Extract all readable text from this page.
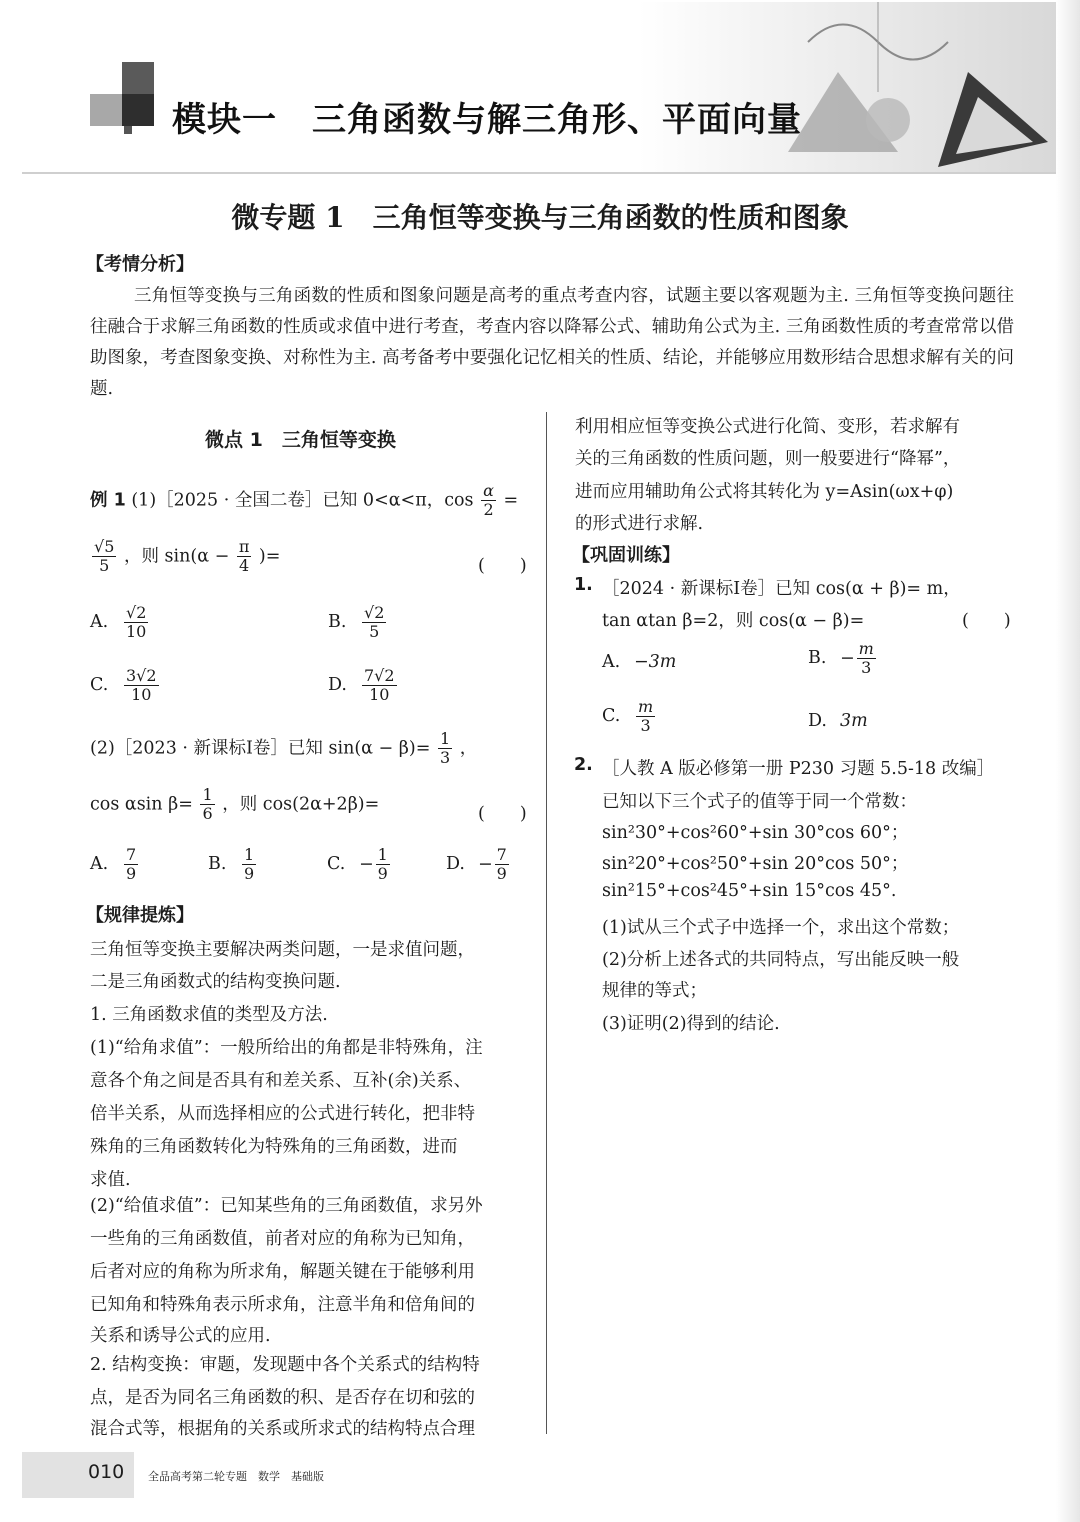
模块一　三角函数与解三角形、平面向量
微专题 1　三角恒等变换与三角函数的性质和图象
【考情分析】

三角恒等变换与三角函数的性质和图象问题是高考的重点考查内容，试题主要以客观题为主. 三角恒等变换问题往往融合于求解三角函数的性质或求值中进行考查，考查内容以降幂公式、辅助角公式为主. 三角函数性质的考查常常以借助图象，考查图象变换、对称性为主. 高考备考中要强化记忆相关的性质、结论，并能够应用数形结合思想求解有关的问题.

微点 1　三角恒等变换
例 1 (1)［2025 · 全国二卷］已知 0<α<π，$\cos \frac{\alpha}{2}$ =
$\frac{√5}{5}$ ，则 $\sin(\alpha - \frac{\pi}{4}$ )=	(　　)
A. $\frac{√2}{10}$	B. $\frac{√2}{5}$
C. $\frac{3√2}{10}$	D. $\frac{7√2}{10}$
(2)［2023 · 新课标Ⅰ卷］已知 $\sin(\alpha - \beta)= \frac{1}{3}$ ，
cos αsin $\beta= \frac{1}{6}$ ，则 cos(2α+2β)=	(　　)
A. $\frac{7}{9}$	B. $\frac{1}{9}$	C. − $\frac{1}{9}$	D. − $\frac{7}{9}$
【规律提炼】
三角恒等变换主要解决两类问题，一是求值问题，
二是三角函数式的结构变换问题.
1. 三角函数求值的类型及方法.
(1)“给角求值”：一般所给出的角都是非特殊角，注
意各个角之间是否具有和差关系、互补(余)关系、
倍半关系，从而选择相应的公式进行转化，把非特
殊角的三角函数转化为特殊角的三角函数，进而
求值.
(2)“给值求值”：已知某些角的三角函数值，求另外
一些角的三角函数值，前者对应的角称为已知角，
后者对应的角称为所求角，解题关键在于能够利用
已知角和特殊角表示所求角，注意半角和倍角间的
关系和诱导公式的应用.
2. 结构变换：审题，发现题中各个关系式的结构特
点，是否为同名三角函数的积、是否存在切和弦的
混合式等，根据角的关系或所求式的结构特点合理
利用相应恒等变换公式进行化简、变形，若求解有
关的三角函数的性质问题，则一般要进行“降幂”，
进而应用辅助角公式将其转化为 y=Asin(ωx+φ)
的形式进行求解.
【巩固训练】
1. ［2024 · 新课标Ⅰ卷］已知 cos(α + β)= m，
tan αtan β=2，则 cos(α − β)=	(　　)
A. −3m	B. − $\frac{m}{3}$
C. $\frac{m}{3}$	D. 3m
2. ［人教 A 版必修第一册 P230 习题 5.5-18 改编］
已知以下三个式子的值等于同一个常数：
sin²30°+cos²60°+sin 30°cos 60°；
sin²20°+cos²50°+sin 20°cos 50°；
sin²15°+cos²45°+sin 15°cos 45°.
(1)试从三个式子中选择一个，求出这个常数；
(2)分析上述各式的共同特点，写出能反映一般
规律的等式；
(3)证明(2)得到的结论.
010 全品高考第二轮专题　数学　基础版
